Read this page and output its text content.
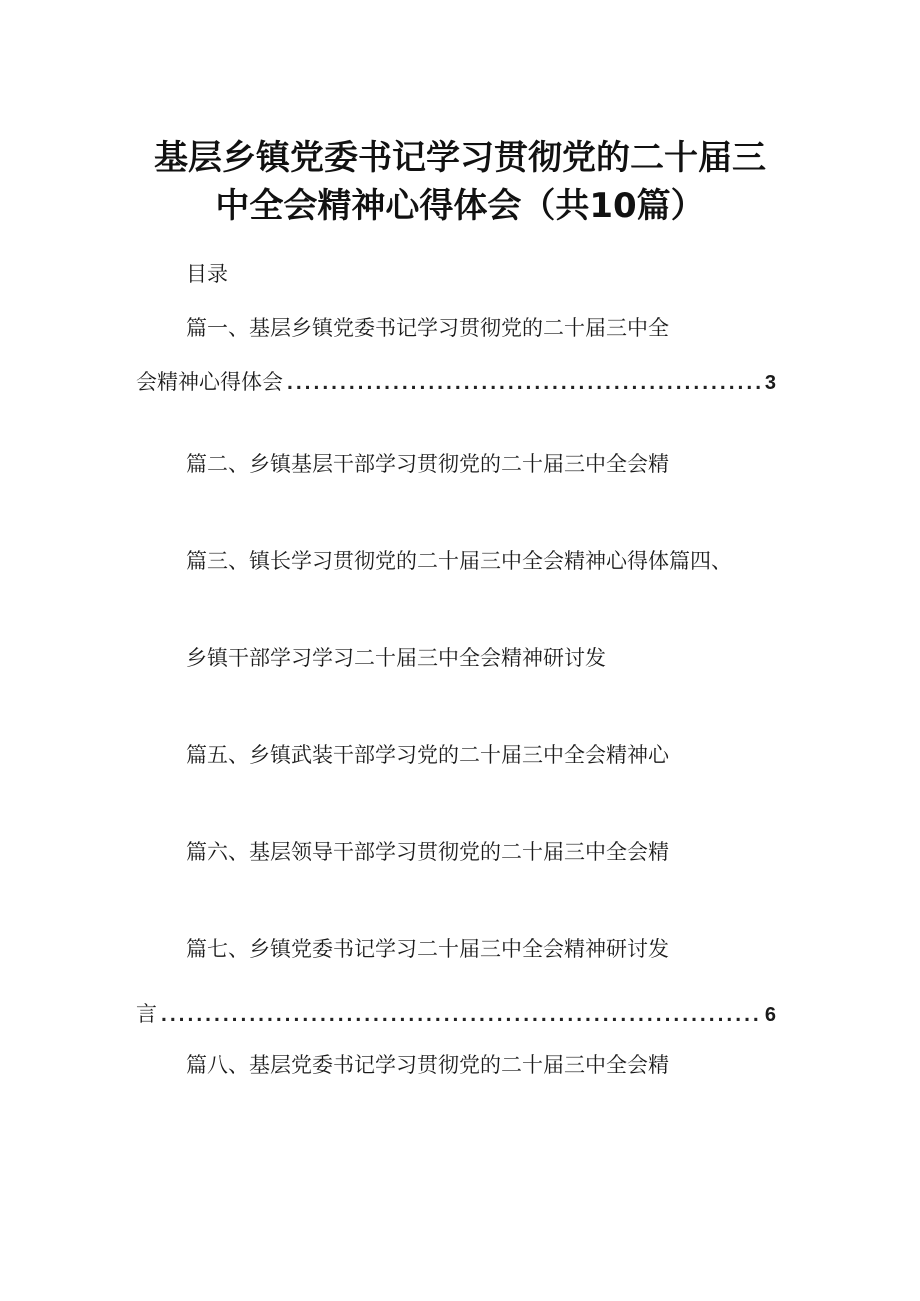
基层乡镇党委书记学习贯彻党的二十届三
中全会精神心得体会（共10篇）
目录
篇一、基层乡镇党委书记学习贯彻党的二十届三中全
会精神心得体会 .....	3
篇二、乡镇基层干部学习贯彻党的二十届三中全会精
篇三、镇长学习贯彻党的二十届三中全会精神心得体篇四、
乡镇干部学习学习二十届三中全会精神研讨发
篇五、乡镇武装干部学习党的二十届三中全会精神心
篇六、基层领导干部学习贯彻党的二十届三中全会精
篇七、乡镇党委书记学习二十届三中全会精神研讨发
言 .....	6
篇八、基层党委书记学习贯彻党的二十届三中全会精
